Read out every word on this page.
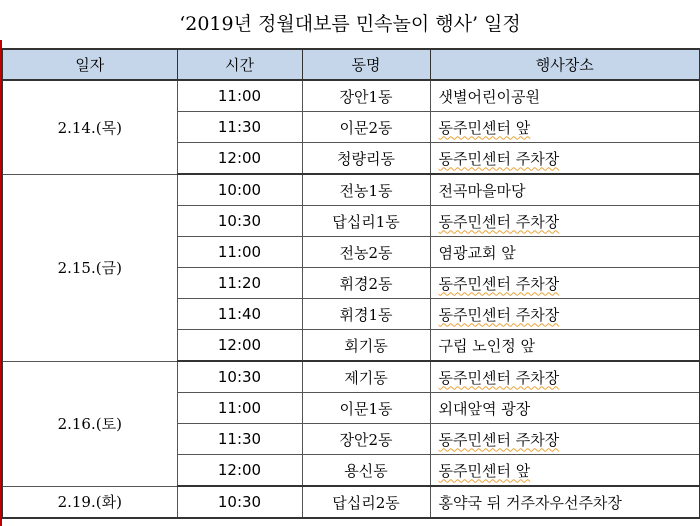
‘2019년 정월대보름 민속놀이 행사’ 일정
일자	시간	동명	행사장소
2.14.(목)	11:00	장안1동	샛별어린이공원
	11:30	이문2동	동주민센터 앞
	12:00	청량리동	동주민센터 주차장
2.15.(금)	10:00	전농1동	전곡마을마당
	10:30	답십리1동	동주민센터 주차장
	11:00	전농2동	염광교회 앞
	11:20	휘경2동	동주민센터 주차장
	11:40	휘경1동	동주민센터 주차장
	12:00	회기동	구립 노인정 앞
2.16.(토)	10:30	제기동	동주민센터 주차장
	11:00	이문1동	외대앞역 광장
	11:30	장안2동	동주민센터 주차장
	12:00	용신동	동주민센터 앞
2.19.(화)	10:30	답십리2동	홍약국 뒤 거주자우선주차장
